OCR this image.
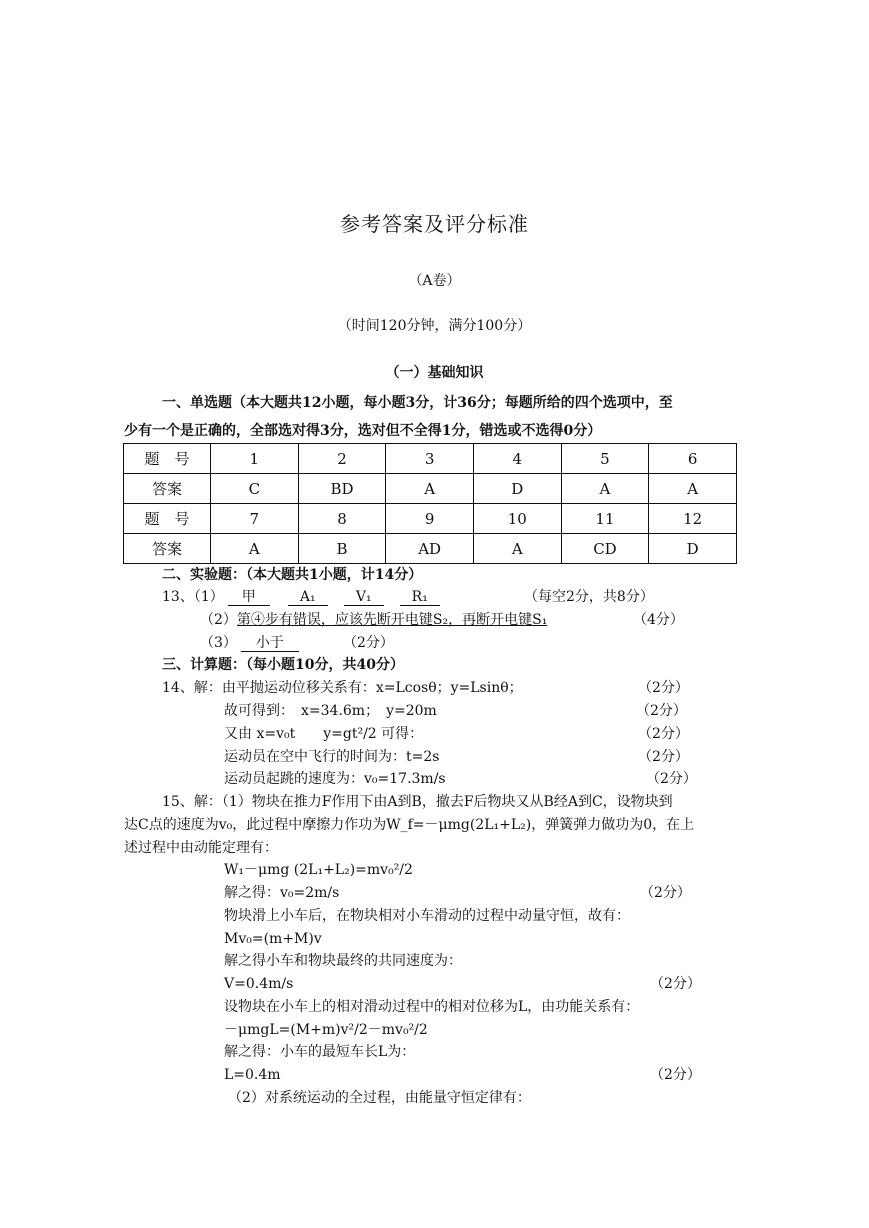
参考答案及评分标准
（A卷）
（时间120分钟，满分100分）
（一）基础知识
一、单选题（本大题共12小题，每小题3分，计36分；每题所给的四个选项中，至
少有一个是正确的，全部选对得3分，选对但不全得1分，错选或不选得0分）
题　号	1	2	3	4	5	6
答案	C	BD	A	D	A	A
题　号	7	8	9	10	11	12
答案	A	B	AD	A	CD	D
二、实验题：（本大题共1小题，计14分）
13、（1） 甲	A₁	V₁	R₁	（每空2分，共8分）
（2）第④步有错误，应该先断开电键S₂，再断开电键S₁	（4分）
（3） 小于	（2分）
三、计算题：（每小题10分，共40分）
14、解：由平抛运动位移关系有：x=Lcosθ；y=Lsinθ；	（2分）
故可得到：　x=34.6m；　y=20m	（2分）
又由 x=v₀t　　y=gt²/2 可得：	（2分）
运动员在空中飞行的时间为：t=2s	（2分）
运动员起跳的速度为：v₀=17.3m/s	（2分）
15、解：（1）物块在推力F作用下由A到B，撤去F后物块又从B经A到C，设物块到
达C点的速度为v₀，此过程中摩擦力作功为W_f=－μmg(2L₁+L₂)，弹簧弹力做功为0，在上
述过程中由动能定理有：
W₁－μmg (2L₁+L₂)=mv₀²/2
解之得：v₀=2m/s	（2分）
物块滑上小车后，在物块相对小车滑动的过程中动量守恒，故有：
Mv₀=(m+M)v
解之得小车和物块最终的共同速度为：
V=0.4m/s	（2分）
设物块在小车上的相对滑动过程中的相对位移为L，由功能关系有：
－μmgL=(M+m)v²/2－mv₀²/2
解之得：小车的最短车长L为：
L=0.4m	（2分）
（2）对系统运动的全过程，由能量守恒定律有：
